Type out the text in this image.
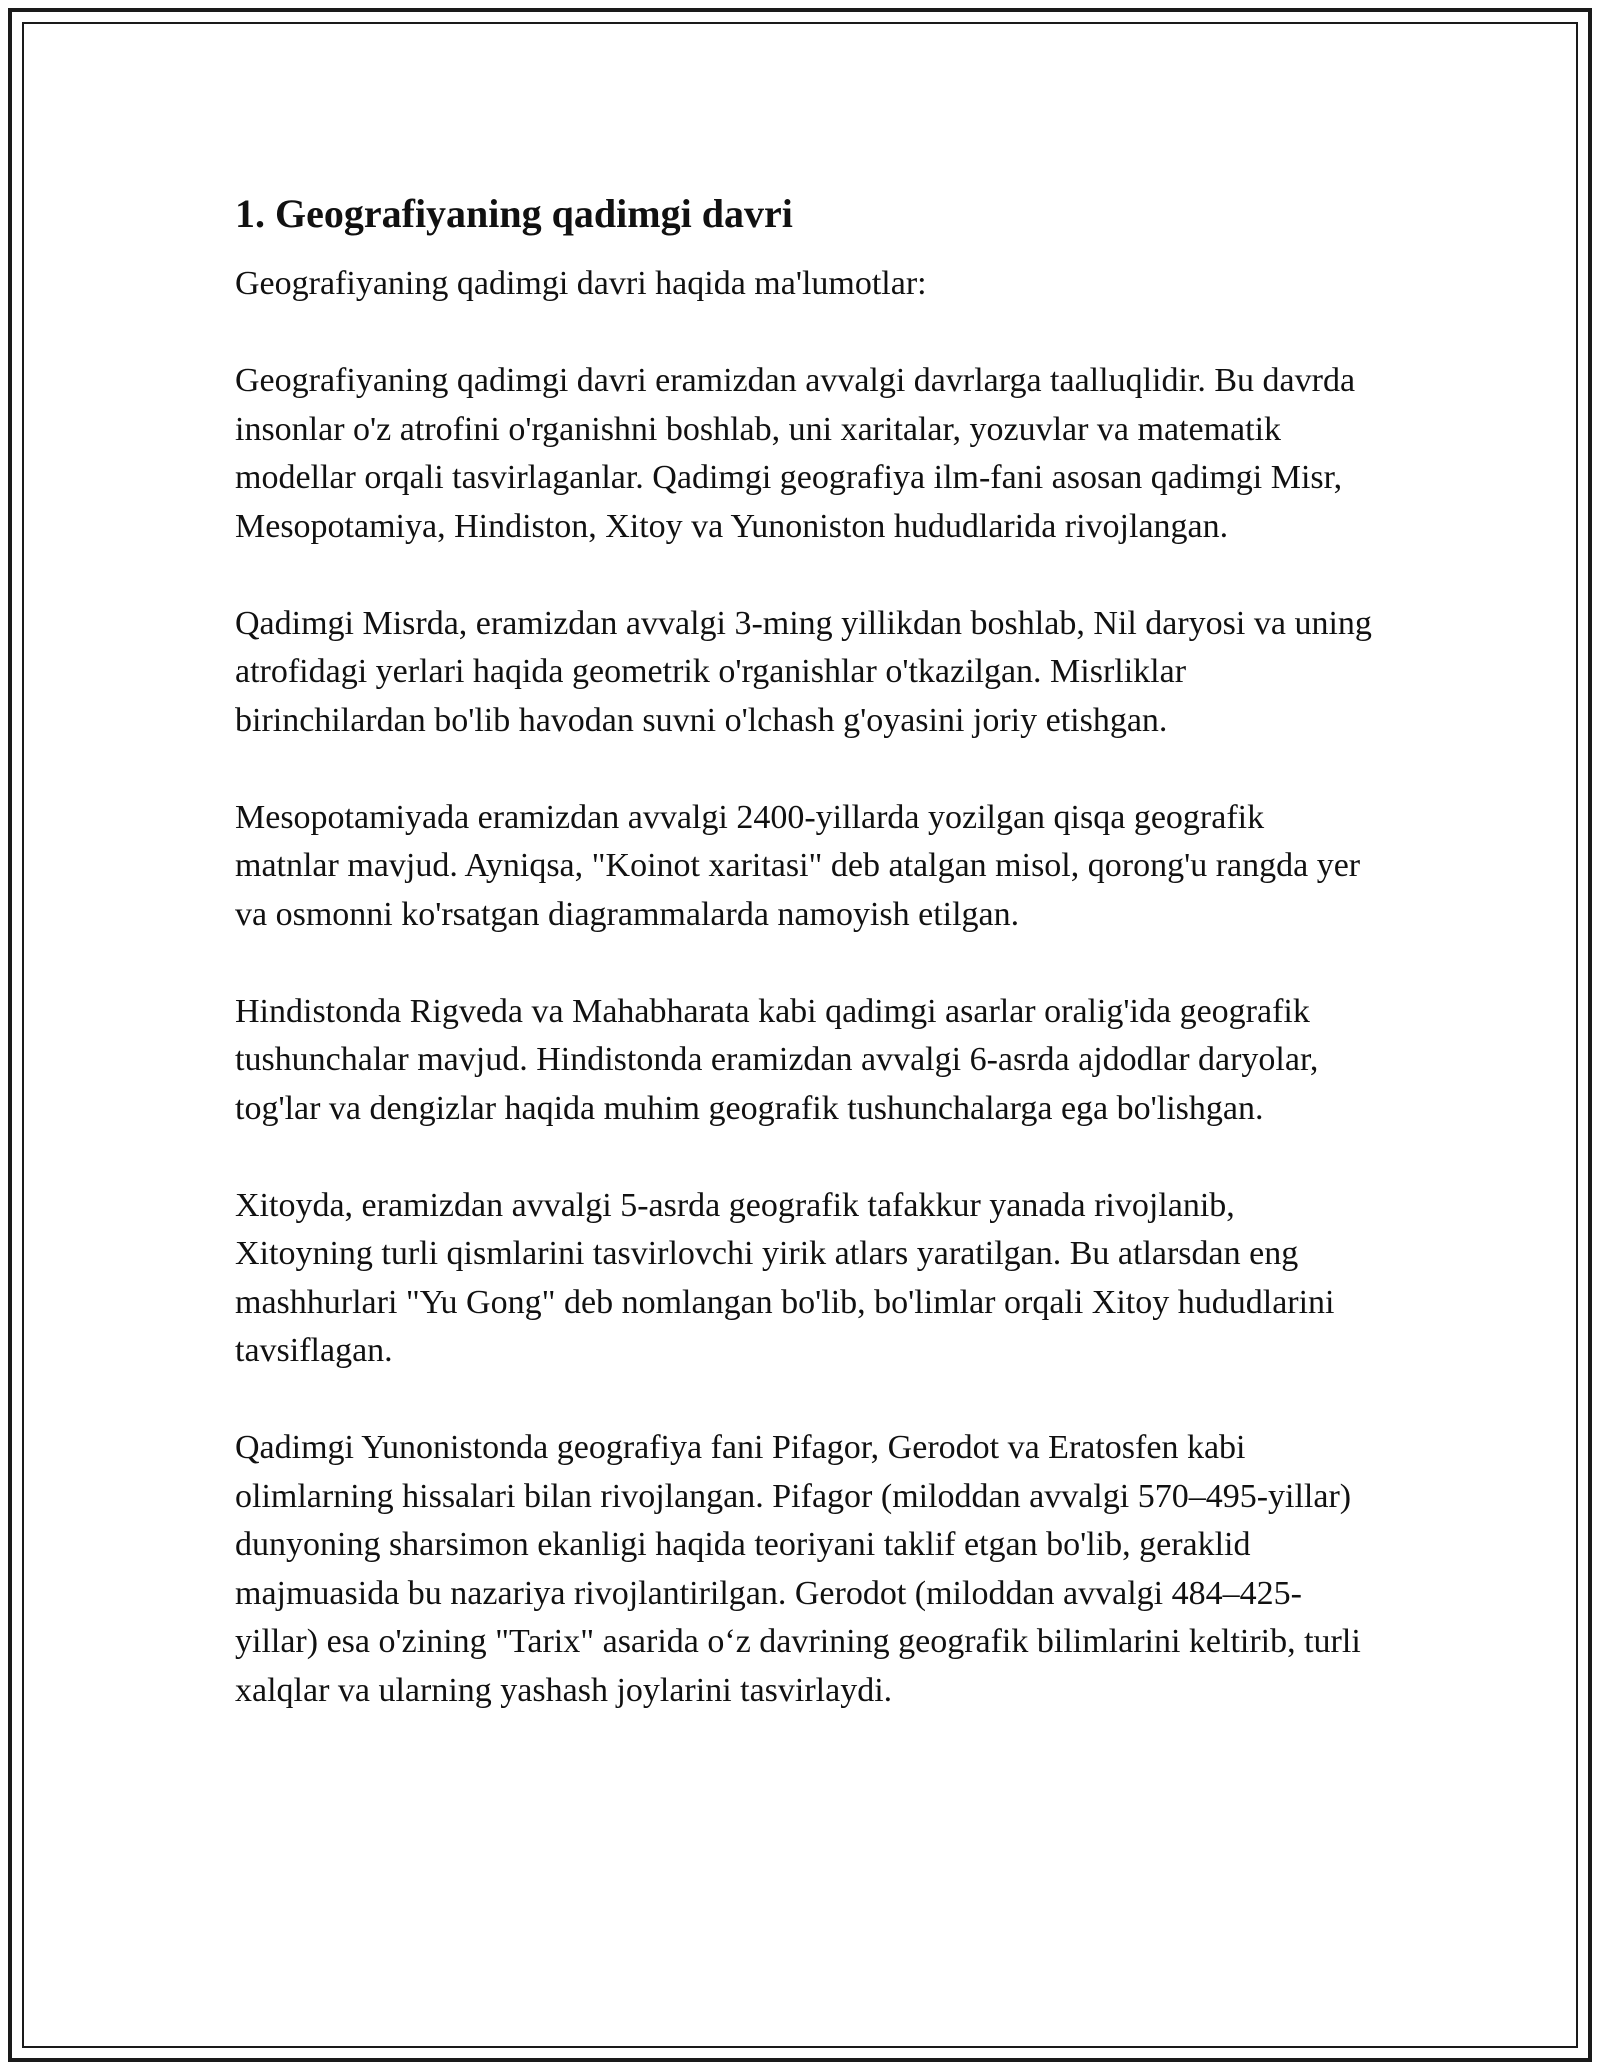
1. Geografiyaning qadimgi davri

Geografiyaning qadimgi davri haqida ma'lumotlar:

Geografiyaning qadimgi davri eramizdan avvalgi davrlarga taalluqlidir. Bu davrda insonlar o'z atrofini o'rganishni boshlab, uni xaritalar, yozuvlar va matematik modellar orqali tasvirlaganlar. Qadimgi geografiya ilm-fani asosan qadimgi Misr, Mesopotamiya, Hindiston, Xitoy va Yunoniston hududlarida rivojlangan.

Qadimgi Misrda, eramizdan avvalgi 3-ming yillikdan boshlab, Nil daryosi va uning atrofidagi yerlari haqida geometrik o'rganishlar o'tkazilgan. Misrliklar birinchilardan bo'lib havodan suvni o'lchash g'oyasini joriy etishgan.

Mesopotamiyada eramizdan avvalgi 2400-yillarda yozilgan qisqa geografik matnlar mavjud. Ayniqsa, "Koinot xaritasi" deb atalgan misol, qorong'u rangda yer va osmonni ko'rsatgan diagrammalarda namoyish etilgan.

Hindistonda Rigveda va Mahabharata kabi qadimgi asarlar oralig'ida geografik tushunchalar mavjud. Hindistonda eramizdan avvalgi 6-asrda ajdodlar daryolar, tog'lar va dengizlar haqida muhim geografik tushunchalarga ega bo'lishgan.

Xitoyda, eramizdan avvalgi 5-asrda geografik tafakkur yanada rivojlanib, Xitoyning turli qismlarini tasvirlovchi yirik atlars yaratilgan. Bu atlarsdan eng mashhurlari "Yu Gong" deb nomlangan bo'lib, bo'limlar orqali Xitoy hududlarini tavsiflagan.

Qadimgi Yunonistonda geografiya fani Pifagor, Gerodot va Eratosfen kabi olimlarning hissalari bilan rivojlangan. Pifagor (miloddan avvalgi 570–495-yillar) dunyoning sharsimon ekanligi haqida teoriyani taklif etgan bo'lib, geraklid majmuasida bu nazariya rivojlantirilgan. Gerodot (miloddan avvalgi 484–425-yillar) esa o'zining "Tarix" asarida o‘z davrining geografik bilimlarini keltirib, turli xalqlar va ularning yashash joylarini tasvirlaydi.
